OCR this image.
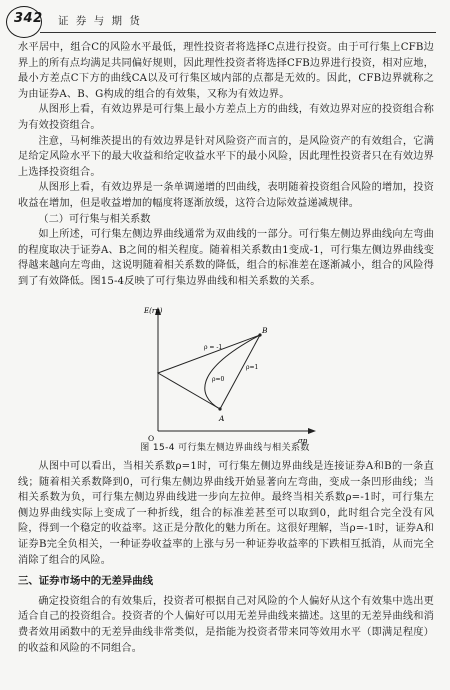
342 证 券 与 期 货

水平居中，组合C的风险水平最低，理性投资者将选择C点进行投资。由于可行集上CFB边界上的所有点均满足共同偏好规则，因此理性投资者将选择CFB边界进行投资，相对应地，最小方差点C下方的曲线CA以及可行集区域内部的点都是无效的。因此，CFB边界就称之为由证券A、B、G构成的组合的有效集，又称为有效边界。

从图形上看，有效边界是可行集上最小方差点上方的曲线，有效边界对应的投资组合称为有效投资组合。

注意，马柯维茨提出的有效边界是针对风险资产而言的，是风险资产的有效组合，它满足给定风险水平下的最大收益和给定收益水平下的最小风险，因此理性投资者只在有效边界上选择投资组合。

从图形上看，有效边界是一条单调递增的凹曲线，表明随着投资组合风险的增加，投资收益在增加，但是收益增加的幅度将逐渐放缓，这符合边际效益递减规律。

（二）可行集与相关系数

如上所述，可行集左侧边界曲线通常为双曲线的一部分。可行集左侧边界曲线向左弯曲的程度取决于证券A、B之间的相关程度。随着相关系数由1变成-1，可行集左侧边界曲线变得越来越向左弯曲，这说明随着相关系数的降低，组合的标准差在逐渐减小，组合的风险得到了有效降低。图15-4反映了可行集边界曲线和相关系数的关系。

E(rp)
σp
O
A
B
ρ = -1
ρ=1
ρ=0
图 15-4 可行集左侧边界曲线与相关系数

从图中可以看出，当相关系数ρ=1时，可行集左侧边界曲线是连接证券A和B的一条直线；随着相关系数降到0，可行集左侧边界曲线开始显著向左弯曲，变成一条凹形曲线；当相关系数为负，可行集左侧边界曲线进一步向左拉伸。最终当相关系数ρ=-1时，可行集左侧边界曲线实际上变成了一种折线，组合的标准差甚至可以取到0，此时组合完全没有风险，得到一个稳定的收益率。这正是分散化的魅力所在。这很好理解，当ρ=-1时，证券A和证券B完全负相关，一种证券收益率的上涨与另一种证券收益率的下跌相互抵消，从而完全消除了组合的风险。

三、证券市场中的无差异曲线

确定投资组合的有效集后，投资者可根据自己对风险的个人偏好从这个有效集中选出更适合自己的投资组合。投资者的个人偏好可以用无差异曲线来描述。这里的无差异曲线和消费者效用函数中的无差异曲线非常类似，是指能为投资者带来同等效用水平（即满足程度）的收益和风险的不同组合。
